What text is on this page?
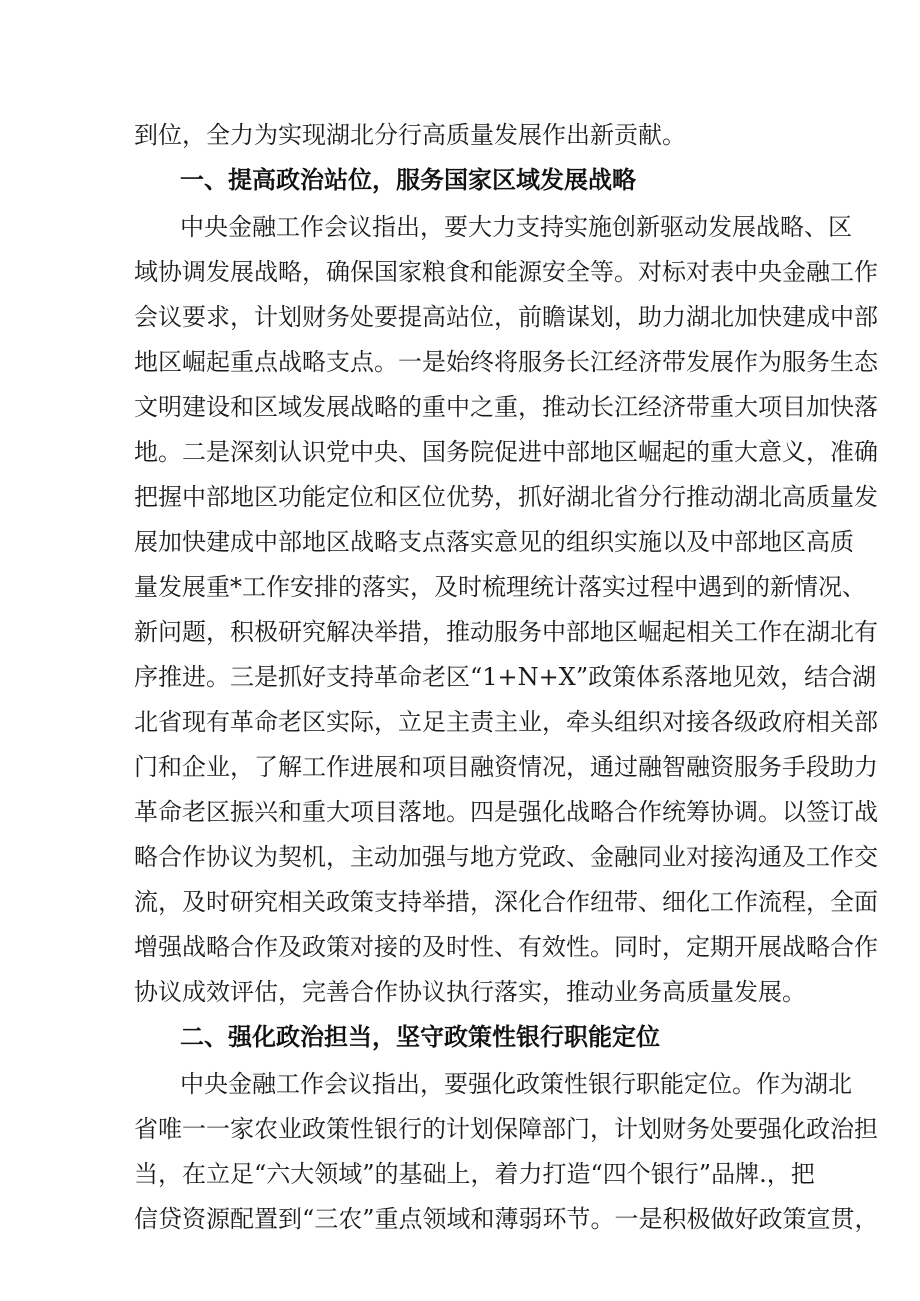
到位，全力为实现湖北分行高质量发展作出新贡献。
一、提高政治站位，服务国家区域发展战略
中央金融工作会议指出，要大力支持实施创新驱动发展战略、区
域协调发展战略，确保国家粮食和能源安全等。对标对表中央金融工作
会议要求，计划财务处要提高站位，前瞻谋划，助力湖北加快建成中部
地区崛起重点战略支点。一是始终将服务长江经济带发展作为服务生态
文明建设和区域发展战略的重中之重，推动长江经济带重大项目加快落
地。二是深刻认识党中央、国务院促进中部地区崛起的重大意义，准确
把握中部地区功能定位和区位优势，抓好湖北省分行推动湖北高质量发
展加快建成中部地区战略支点落实意见的组织实施以及中部地区高质
量发展重*工作安排的落实，及时梳理统计落实过程中遇到的新情况、
新问题，积极研究解决举措，推动服务中部地区崛起相关工作在湖北有
序推进。三是抓好支持革命老区“1+N+X”政策体系落地见效，结合湖
北省现有革命老区实际，立足主责主业，牵头组织对接各级政府相关部
门和企业，了解工作进展和项目融资情况，通过融智融资服务手段助力
革命老区振兴和重大项目落地。四是强化战略合作统筹协调。以签订战
略合作协议为契机，主动加强与地方党政、金融同业对接沟通及工作交
流，及时研究相关政策支持举措，深化合作纽带、细化工作流程，全面
增强战略合作及政策对接的及时性、有效性。同时，定期开展战略合作
协议成效评估，完善合作协议执行落实，推动业务高质量发展。
二、强化政治担当，坚守政策性银行职能定位
中央金融工作会议指出，要强化政策性银行职能定位。作为湖北
省唯一一家农业政策性银行的计划保障部门，计划财务处要强化政治担
当，在立足“六大领域”的基础上，着力打造“四个银行”品牌.，把
信贷资源配置到“三农”重点领域和薄弱环节。一是积极做好政策宣贯，
